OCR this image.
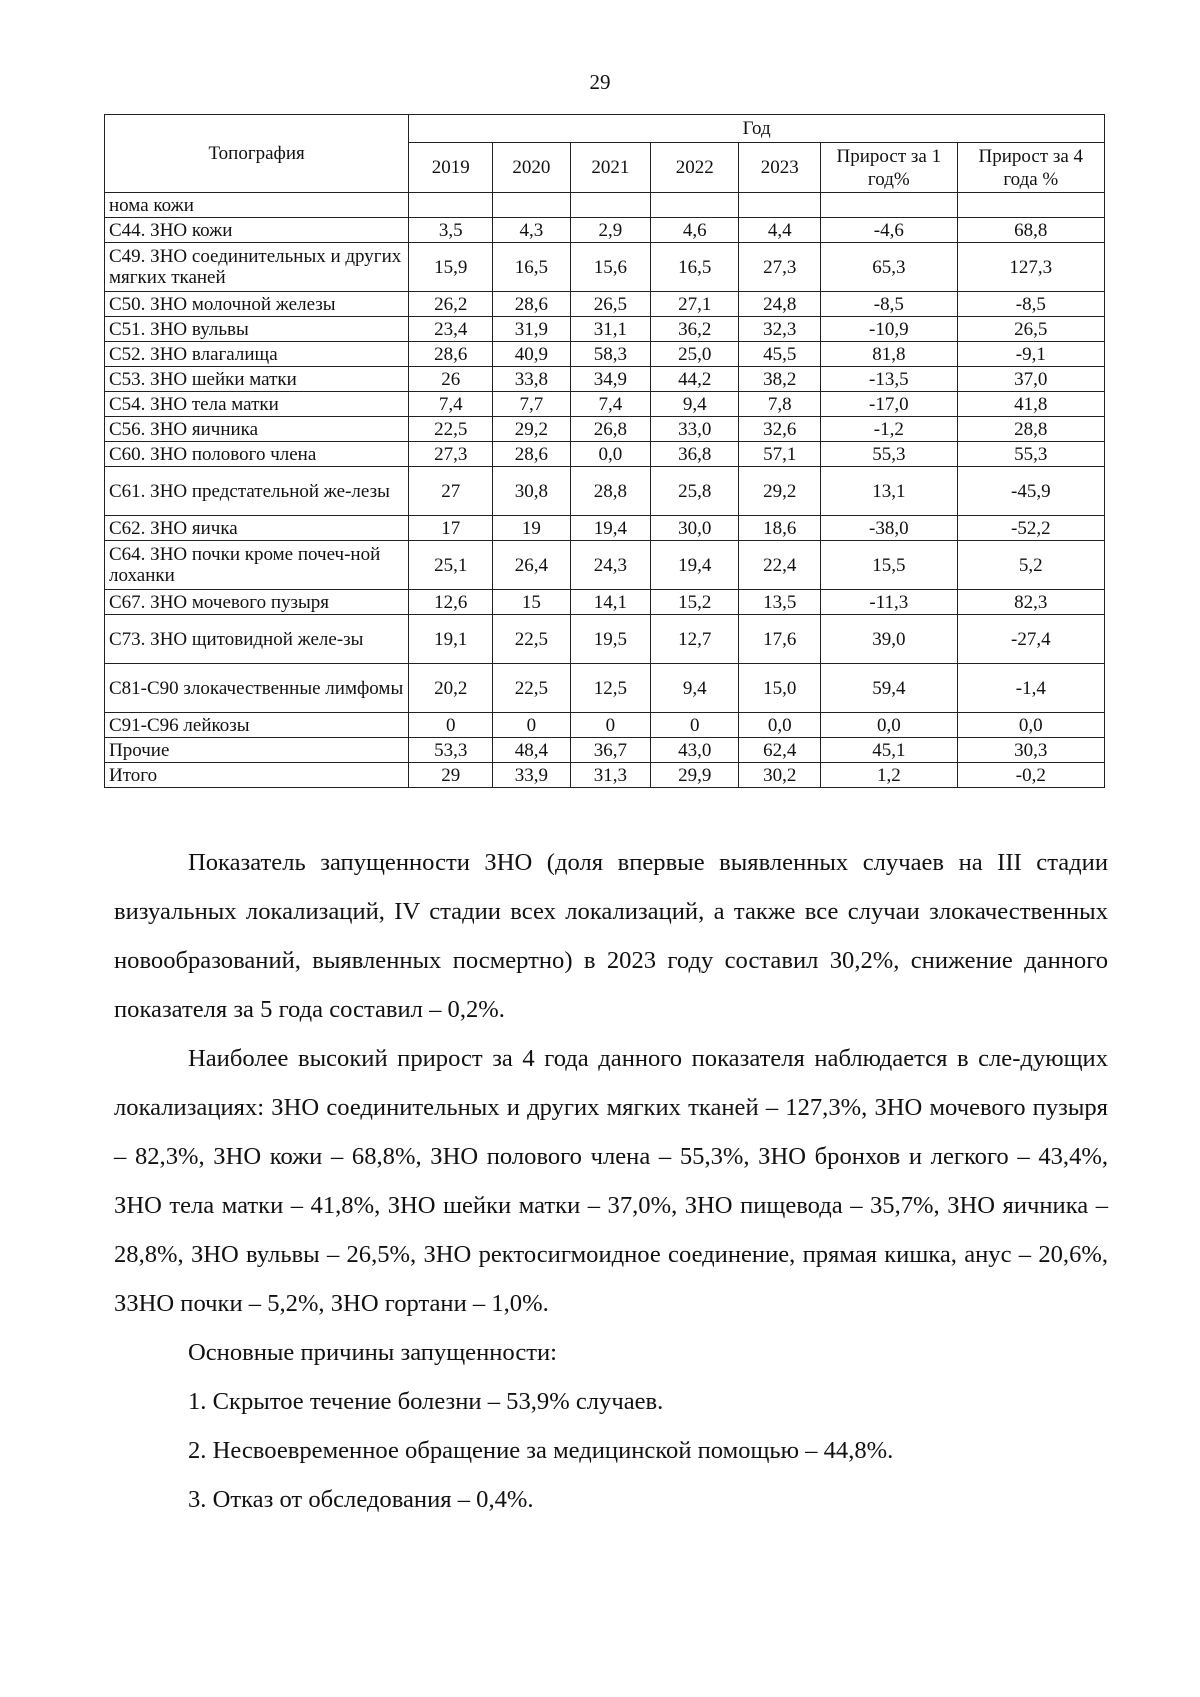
29
Топография	Год						
	2019	2020	2021	2022	2023	Прирост за 1 год%	Прирост за 4 года %
нома кожи							
С44. ЗНО кожи	3,5	4,3	2,9	4,6	4,4	-4,6	68,8
С49. ЗНО соединительных и других мягких тканей	15,9	16,5	15,6	16,5	27,3	65,3	127,3
С50. ЗНО молочной железы	26,2	28,6	26,5	27,1	24,8	-8,5	-8,5
С51. ЗНО вульвы	23,4	31,9	31,1	36,2	32,3	-10,9	26,5
С52. ЗНО влагалища	28,6	40,9	58,3	25,0	45,5	81,8	-9,1
С53. ЗНО шейки матки	26	33,8	34,9	44,2	38,2	-13,5	37,0
С54. ЗНО тела матки	7,4	7,7	7,4	9,4	7,8	-17,0	41,8
С56. ЗНО яичника	22,5	29,2	26,8	33,0	32,6	-1,2	28,8
С60. ЗНО полового члена	27,3	28,6	0,0	36,8	57,1	55,3	55,3
С61. ЗНО предстательной же-лезы	27	30,8	28,8	25,8	29,2	13,1	-45,9
С62. ЗНО яичка	17	19	19,4	30,0	18,6	-38,0	-52,2
С64. ЗНО почки кроме почеч-ной лоханки	25,1	26,4	24,3	19,4	22,4	15,5	5,2
С67. ЗНО мочевого пузыря	12,6	15	14,1	15,2	13,5	-11,3	82,3
С73. ЗНО щитовидной желе-зы	19,1	22,5	19,5	12,7	17,6	39,0	-27,4
С81-С90 злокачественные лимфомы	20,2	22,5	12,5	9,4	15,0	59,4	-1,4
С91-С96 лейкозы	0	0	0	0	0,0	0,0	0,0
Прочие	53,3	48,4	36,7	43,0	62,4	45,1	30,3
Итого	29	33,9	31,3	29,9	30,2	1,2	-0,2

Показатель запущенности ЗНО (доля впервые выявленных случаев на III стадии визуальных локализаций, IV стадии всех локализаций, а также все случаи злокачественных новообразований, выявленных посмертно) в 2023 году составил 30,2%, снижение данного показателя за 5 года составил – 0,2%.

Наиболее высокий прирост за 4 года данного показателя наблюдается в сле-дующих локализациях: ЗНО соединительных и других мягких тканей – 127,3%, ЗНО мочевого пузыря – 82,3%, ЗНО кожи – 68,8%, ЗНО полового члена – 55,3%, ЗНО бронхов и легкого – 43,4%, ЗНО тела матки – 41,8%, ЗНО шейки матки – 37,0%, ЗНО пищевода – 35,7%, ЗНО яичника – 28,8%, ЗНО вульвы – 26,5%, ЗНО ректосигмоидное соединение, прямая кишка, анус – 20,6%, ЗЗНО почки – 5,2%, ЗНО гортани – 1,0%.

Основные причины запущенности:

1. Скрытое течение болезни – 53,9% случаев.

2. Несвоевременное обращение за медицинской помощью – 44,8%.

3. Отказ от обследования – 0,4%.
